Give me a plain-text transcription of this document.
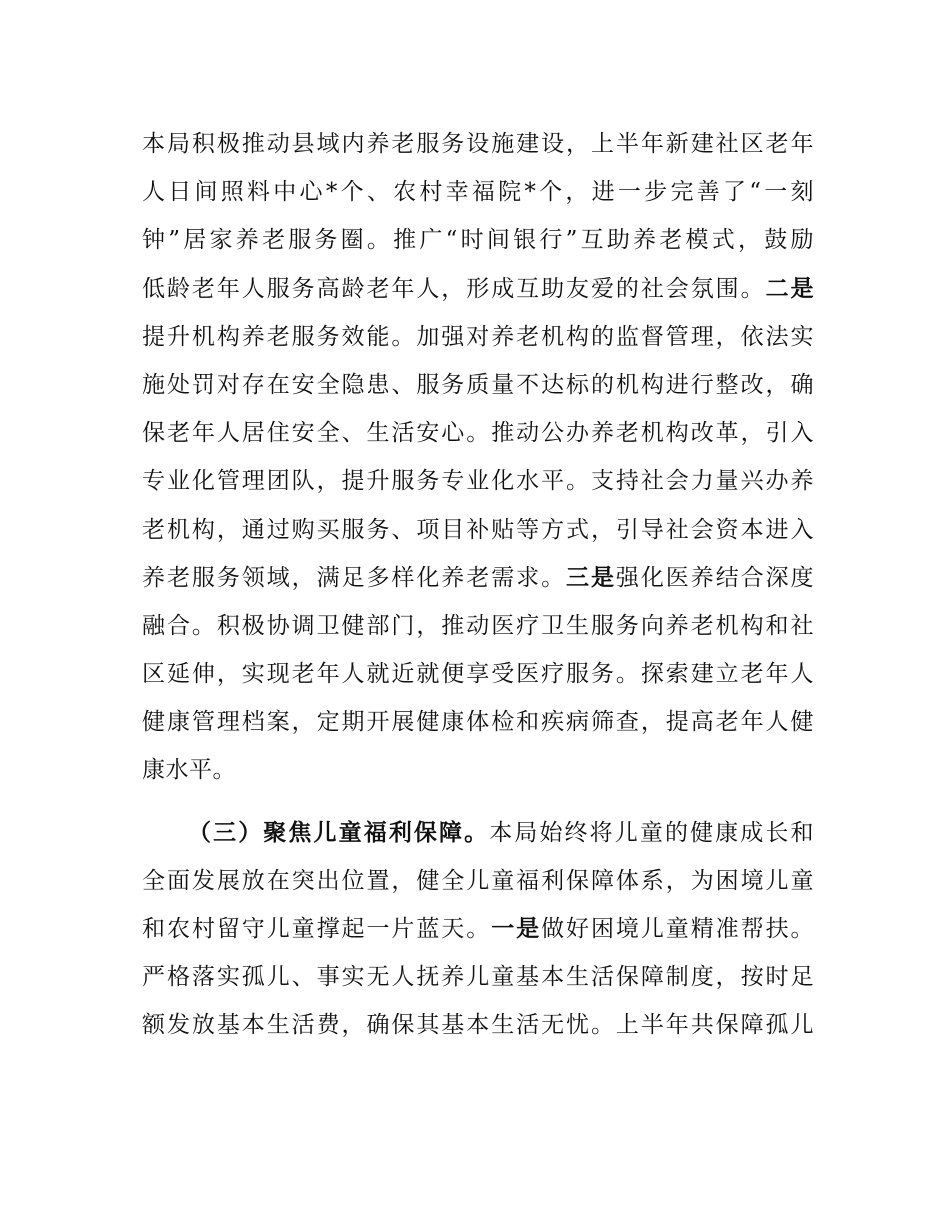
本局积极推动县域内养老服务设施建设，上半年新建社区老年
人日间照料中心*个、农村幸福院*个，进一步完善了“一刻
钟”居家养老服务圈。推广“时间银行”互助养老模式，鼓励
低龄老年人服务高龄老年人，形成互助友爱的社会氛围。二是
提升机构养老服务效能。加强对养老机构的监督管理，依法实
施处罚对存在安全隐患、服务质量不达标的机构进行整改，确
保老年人居住安全、生活安心。推动公办养老机构改革，引入
专业化管理团队，提升服务专业化水平。支持社会力量兴办养
老机构，通过购买服务、项目补贴等方式，引导社会资本进入
养老服务领域，满足多样化养老需求。三是强化医养结合深度
融合。积极协调卫健部门，推动医疗卫生服务向养老机构和社
区延伸，实现老年人就近就便享受医疗服务。探索建立老年人
健康管理档案，定期开展健康体检和疾病筛查，提高老年人健
康水平。
（三）聚焦儿童福利保障。本局始终将儿童的健康成长和
全面发展放在突出位置，健全儿童福利保障体系，为困境儿童
和农村留守儿童撑起一片蓝天。一是做好困境儿童精准帮扶。
严格落实孤儿、事实无人抚养儿童基本生活保障制度，按时足
额发放基本生活费，确保其基本生活无忧。上半年共保障孤儿
